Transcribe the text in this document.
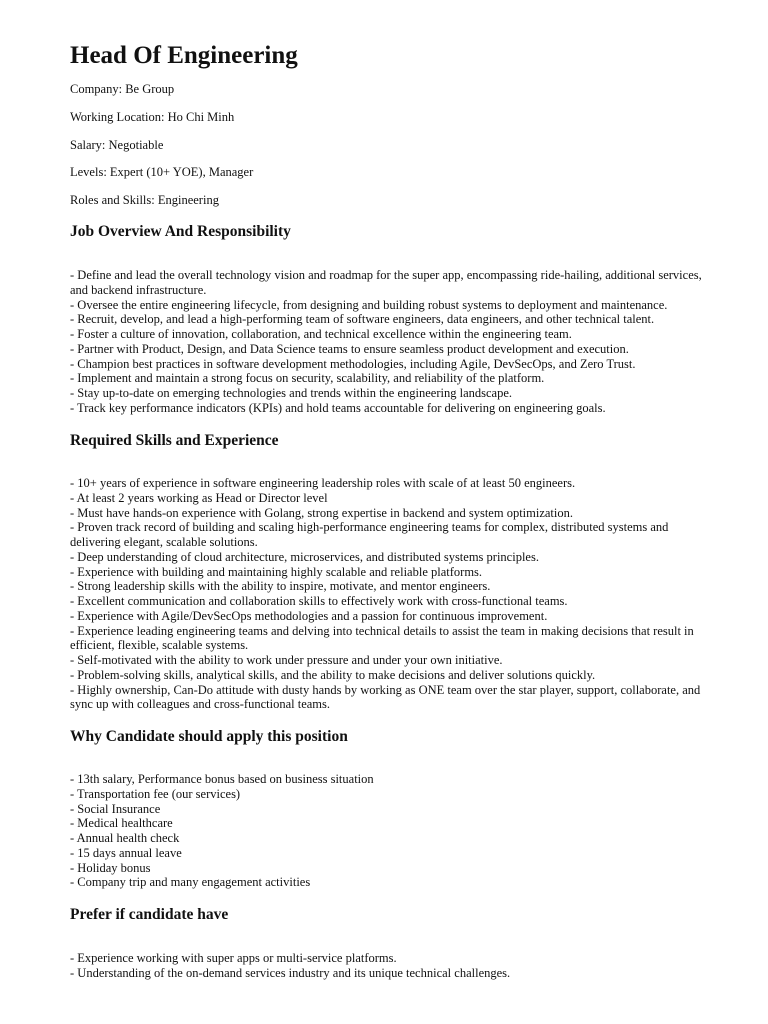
Head Of Engineering

Company: Be Group

Working Location: Ho Chi Minh

Salary: Negotiable

Levels: Expert (10+ YOE), Manager

Roles and Skills: Engineering

Job Overview And Responsibility
- Define and lead the overall technology vision and roadmap for the super app, encompassing ride-hailing, additional services, and backend infrastructure.
- Oversee the entire engineering lifecycle, from designing and building robust systems to deployment and maintenance.
- Recruit, develop, and lead a high-performing team of software engineers, data engineers, and other technical talent.
- Foster a culture of innovation, collaboration, and technical excellence within the engineering team.
- Partner with Product, Design, and Data Science teams to ensure seamless product development and execution.
- Champion best practices in software development methodologies, including Agile, DevSecOps, and Zero Trust.
- Implement and maintain a strong focus on security, scalability, and reliability of the platform.
- Stay up-to-date on emerging technologies and trends within the engineering landscape.
- Track key performance indicators (KPIs) and hold teams accountable for delivering on engineering goals.
Required Skills and Experience
- 10+ years of experience in software engineering leadership roles with scale of at least 50 engineers.
- At least 2 years working as Head or Director level
- Must have hands-on experience with Golang, strong expertise in backend and system optimization.
- Proven track record of building and scaling high-performance engineering teams for complex, distributed systems and delivering elegant, scalable solutions.
- Deep understanding of cloud architecture, microservices, and distributed systems principles.
- Experience with building and maintaining highly scalable and reliable platforms.
- Strong leadership skills with the ability to inspire, motivate, and mentor engineers.
- Excellent communication and collaboration skills to effectively work with cross-functional teams.
- Experience with Agile/DevSecOps methodologies and a passion for continuous improvement.
- Experience leading engineering teams and delving into technical details to assist the team in making decisions that result in efficient, flexible, scalable systems.
- Self-motivated with the ability to work under pressure and under your own initiative.
- Problem-solving skills, analytical skills, and the ability to make decisions and deliver solutions quickly.
- Highly ownership, Can-Do attitude with dusty hands by working as ONE team over the star player, support, collaborate, and sync up with colleagues and cross-functional teams.
Why Candidate should apply this position
- 13th salary, Performance bonus based on business situation
- Transportation fee (our services)
- Social Insurance
- Medical healthcare
- Annual health check
- 15 days annual leave
- Holiday bonus
- Company trip and many engagement activities
Prefer if candidate have
- Experience working with super apps or multi-service platforms.
- Understanding of the on-demand services industry and its unique technical challenges.
